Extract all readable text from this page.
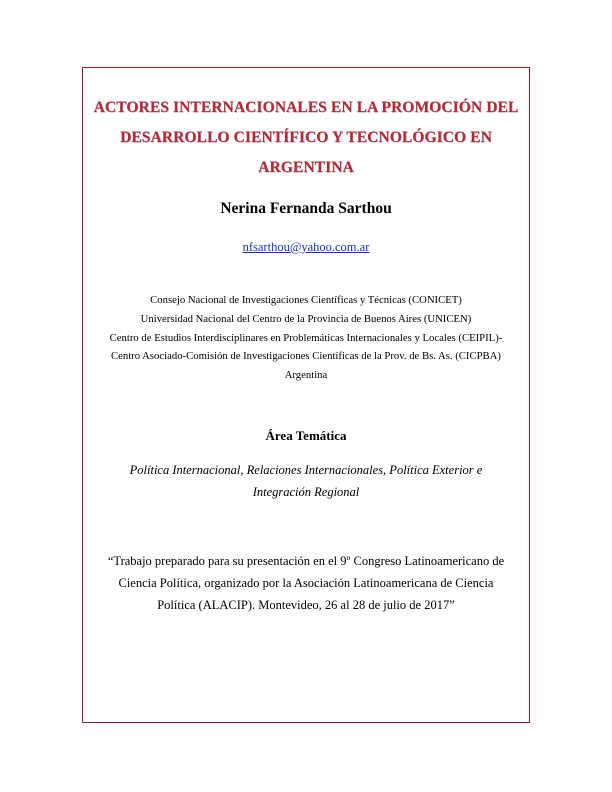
ACTORES INTERNACIONALES EN LA PROMOCIÓN DEL
DESARROLLO CIENTÍFICO Y TECNOLÓGICO EN
ARGENTINA
Nerina Fernanda Sarthou
nfsarthou@yahoo.com.ar
Consejo Nacional de Investigaciones Científicas y Técnicas (CONICET)
Universidad Nacional del Centro de la Provincia de Buenos Aires (UNICEN)
Centro de Estudios Interdisciplinares en Problemáticas Internacionales y Locales (CEIPIL)-
Centro Asociado-Comisión de Investigaciones Científicas de la Prov. de Bs. As. (CICPBA)
Argentina
Área Temática

Política Internacional, Relaciones Internacionales, Política Exterior e
Integración Regional

“Trabajo preparado para su presentación en el 9º Congreso Latinoamericano de
Ciencia Política, organizado por la Asociación Latinoamericana de Ciencia
Política (ALACIP). Montevideo, 26 al 28 de julio de 2017”
